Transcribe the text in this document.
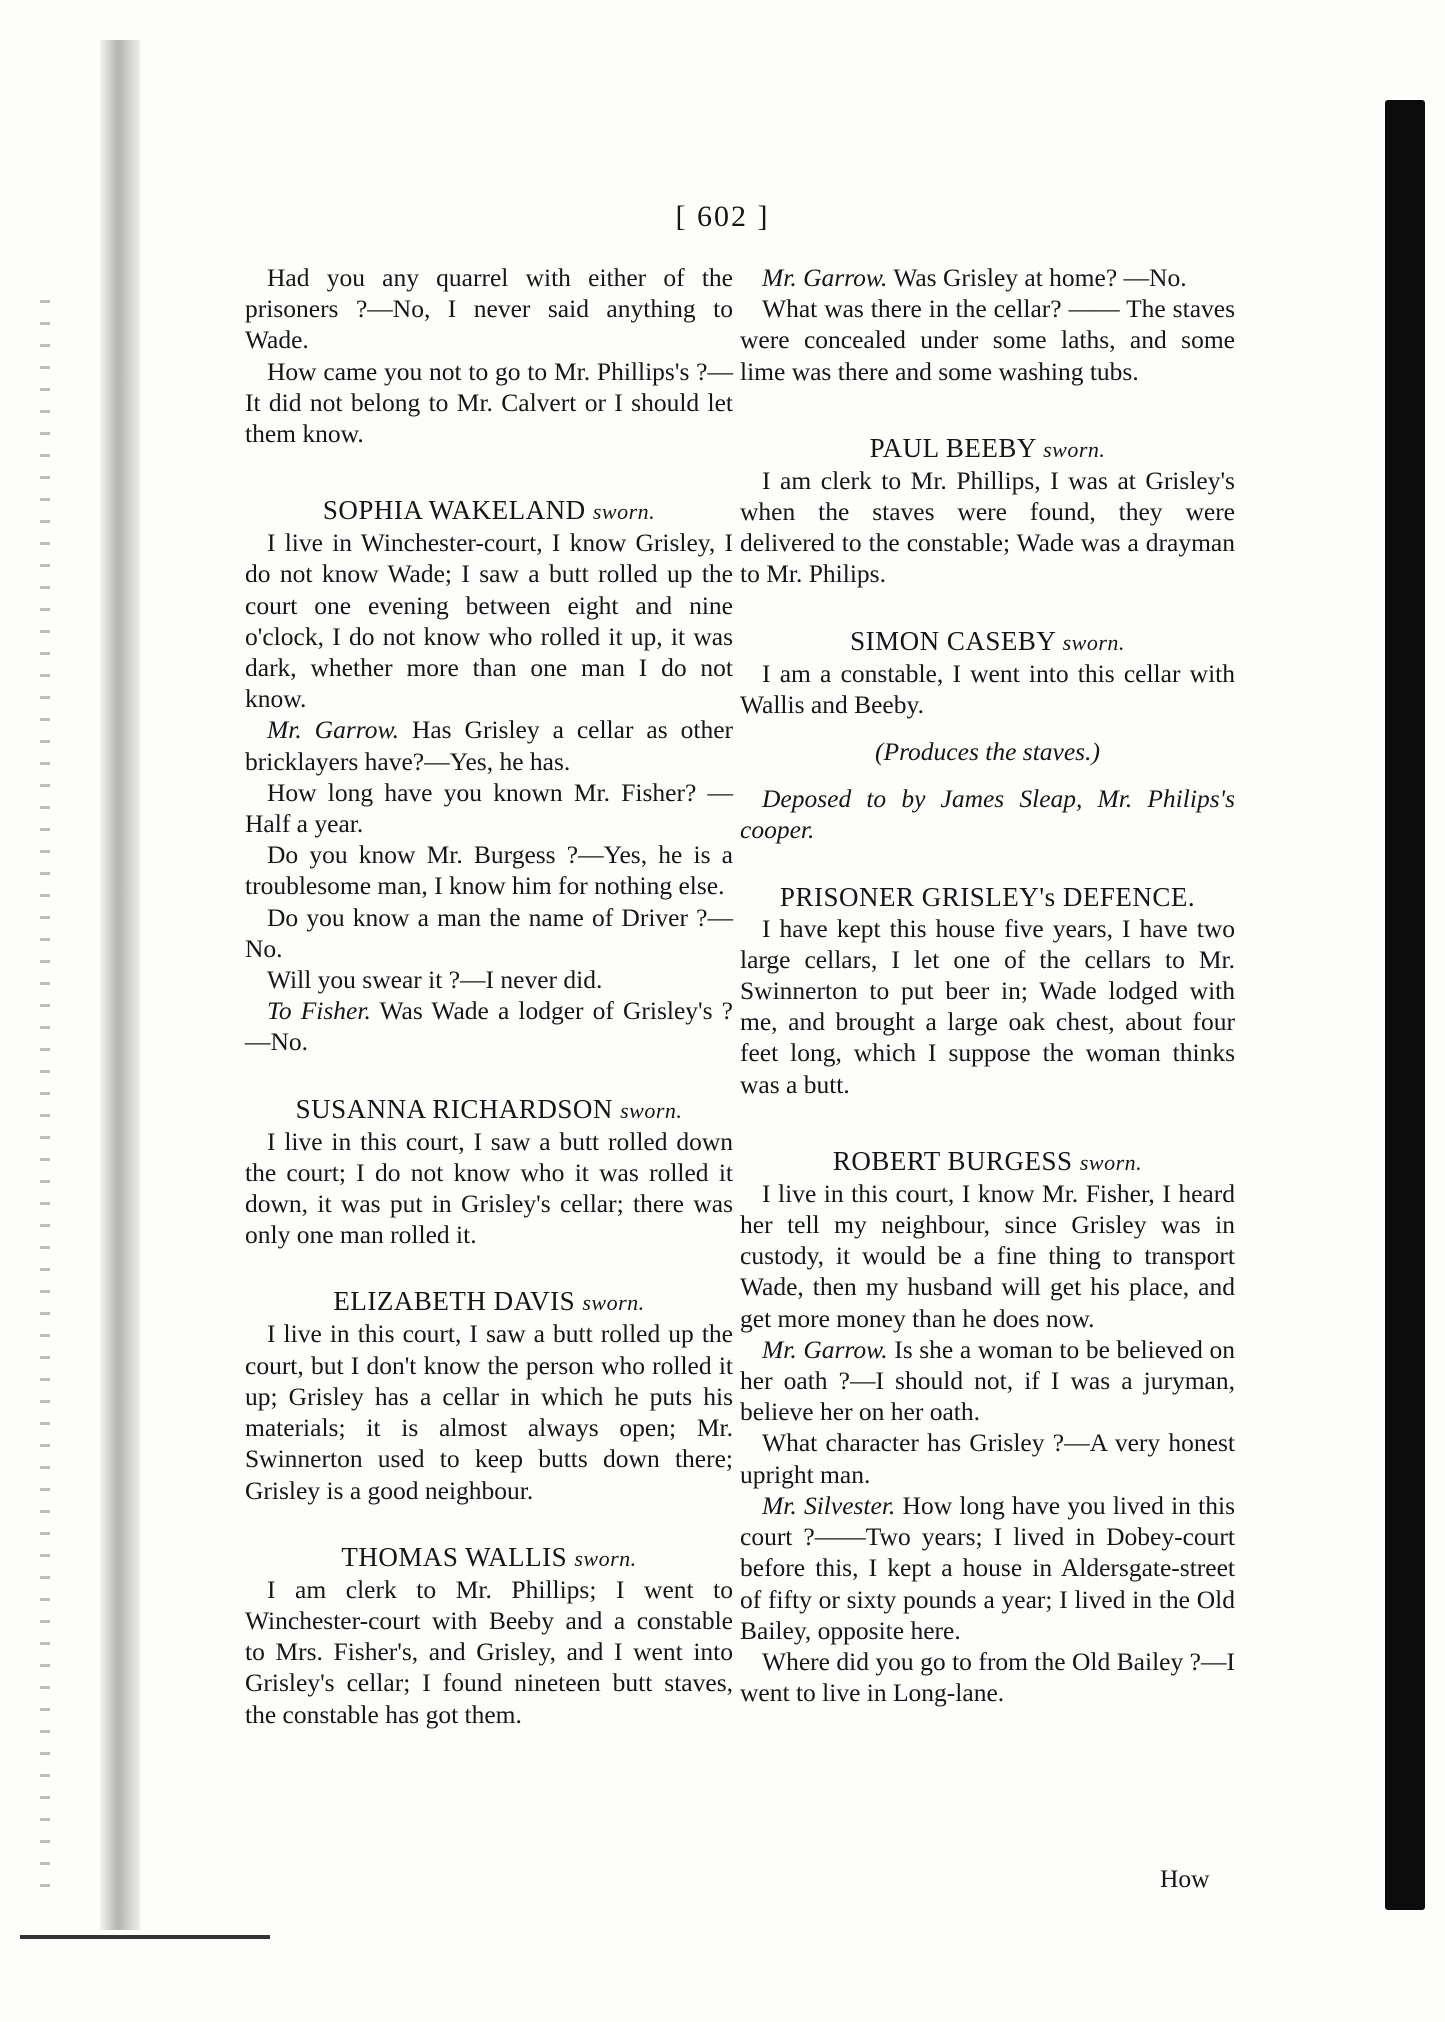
[ 602 ]

Had you any quarrel with either of the prisoners ?—No, I never said anything to Wade.

How came you not to go to Mr. Phillips's ?—It did not belong to Mr. Calvert or I should let them know.

SOPHIA WAKELAND sworn.

I live in Winchester-court, I know Grisley, I do not know Wade; I saw a butt rolled up the court one evening between eight and nine o'clock, I do not know who rolled it up, it was dark, whether more than one man I do not know.

Mr. Garrow. Has Grisley a cellar as other bricklayers have?—Yes, he has.

How long have you known Mr. Fisher? —Half a year.

Do you know Mr. Burgess ?—Yes, he is a troublesome man, I know him for nothing else.

Do you know a man the name of Driver ?—No.

Will you swear it ?—I never did.

To Fisher. Was Wade a lodger of Grisley's ?—No.

SUSANNA RICHARDSON sworn.

I live in this court, I saw a butt rolled down the court; I do not know who it was rolled it down, it was put in Grisley's cellar; there was only one man rolled it.

ELIZABETH DAVIS sworn.

I live in this court, I saw a butt rolled up the court, but I don't know the person who rolled it up; Grisley has a cellar in which he puts his materials; it is almost always open; Mr. Swinnerton used to keep butts down there; Grisley is a good neighbour.

THOMAS WALLIS sworn.

I am clerk to Mr. Phillips; I went to Winchester-court with Beeby and a constable to Mrs. Fisher's, and Grisley, and I went into Grisley's cellar; I found nineteen butt staves, the constable has got them.

Mr. Garrow. Was Grisley at home? —No.

What was there in the cellar? —— The staves were concealed under some laths, and some lime was there and some washing tubs.

PAUL BEEBY sworn.

I am clerk to Mr. Phillips, I was at Grisley's when the staves were found, they were delivered to the constable; Wade was a drayman to Mr. Philips.

SIMON CASEBY sworn.

I am a constable, I went into this cellar with Wallis and Beeby.

(Produces the staves.)

Deposed to by James Sleap, Mr. Philips's cooper.

PRISONER GRISLEY's DEFENCE.

I have kept this house five years, I have two large cellars, I let one of the cellars to Mr. Swinnerton to put beer in; Wade lodged with me, and brought a large oak chest, about four feet long, which I suppose the woman thinks was a butt.

ROBERT BURGESS sworn.

I live in this court, I know Mr. Fisher, I heard her tell my neighbour, since Grisley was in custody, it would be a fine thing to transport Wade, then my husband will get his place, and get more money than he does now.

Mr. Garrow. Is she a woman to be believed on her oath ?—I should not, if I was a juryman, believe her on her oath.

What character has Grisley ?—A very honest upright man.

Mr. Silvester. How long have you lived in this court ?——Two years; I lived in Dobey-court before this, I kept a house in Aldersgate-street of fifty or sixty pounds a year; I lived in the Old Bailey, opposite here.

Where did you go to from the Old Bailey ?—I went to live in Long-lane.

How
